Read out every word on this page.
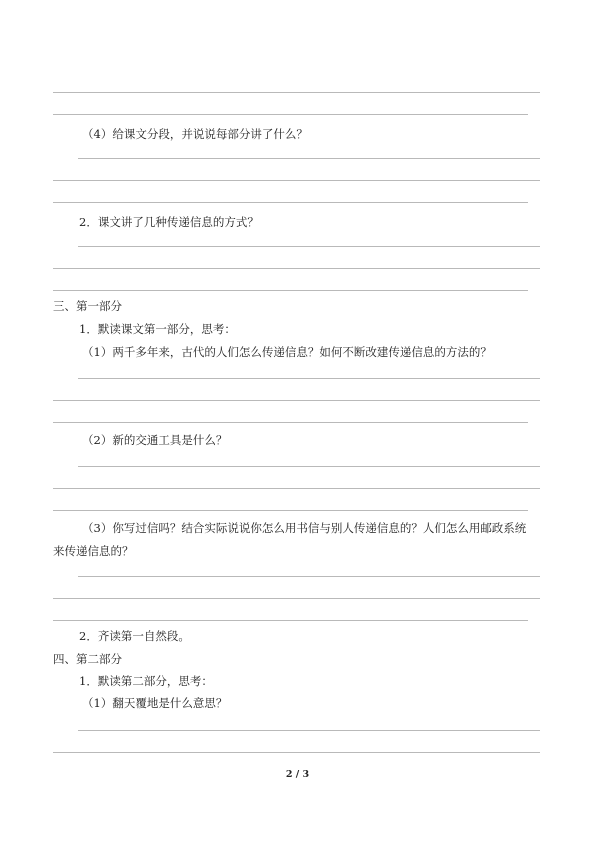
（4）给课文分段，并说说每部分讲了什么？
2．课文讲了几种传递信息的方式？
三、第一部分
1．默读课文第一部分，思考：
（1）两千多年来，古代的人们怎么传递信息？如何不断改建传递信息的方法的？
（2）新的交通工具是什么？
（3）你写过信吗？结合实际说说你怎么用书信与别人传递信息的？人们怎么用邮政系统
来传递信息的？
2．齐读第一自然段。
四、第二部分
1．默读第二部分，思考：
（1）翻天覆地是什么意思？
2 / 3
